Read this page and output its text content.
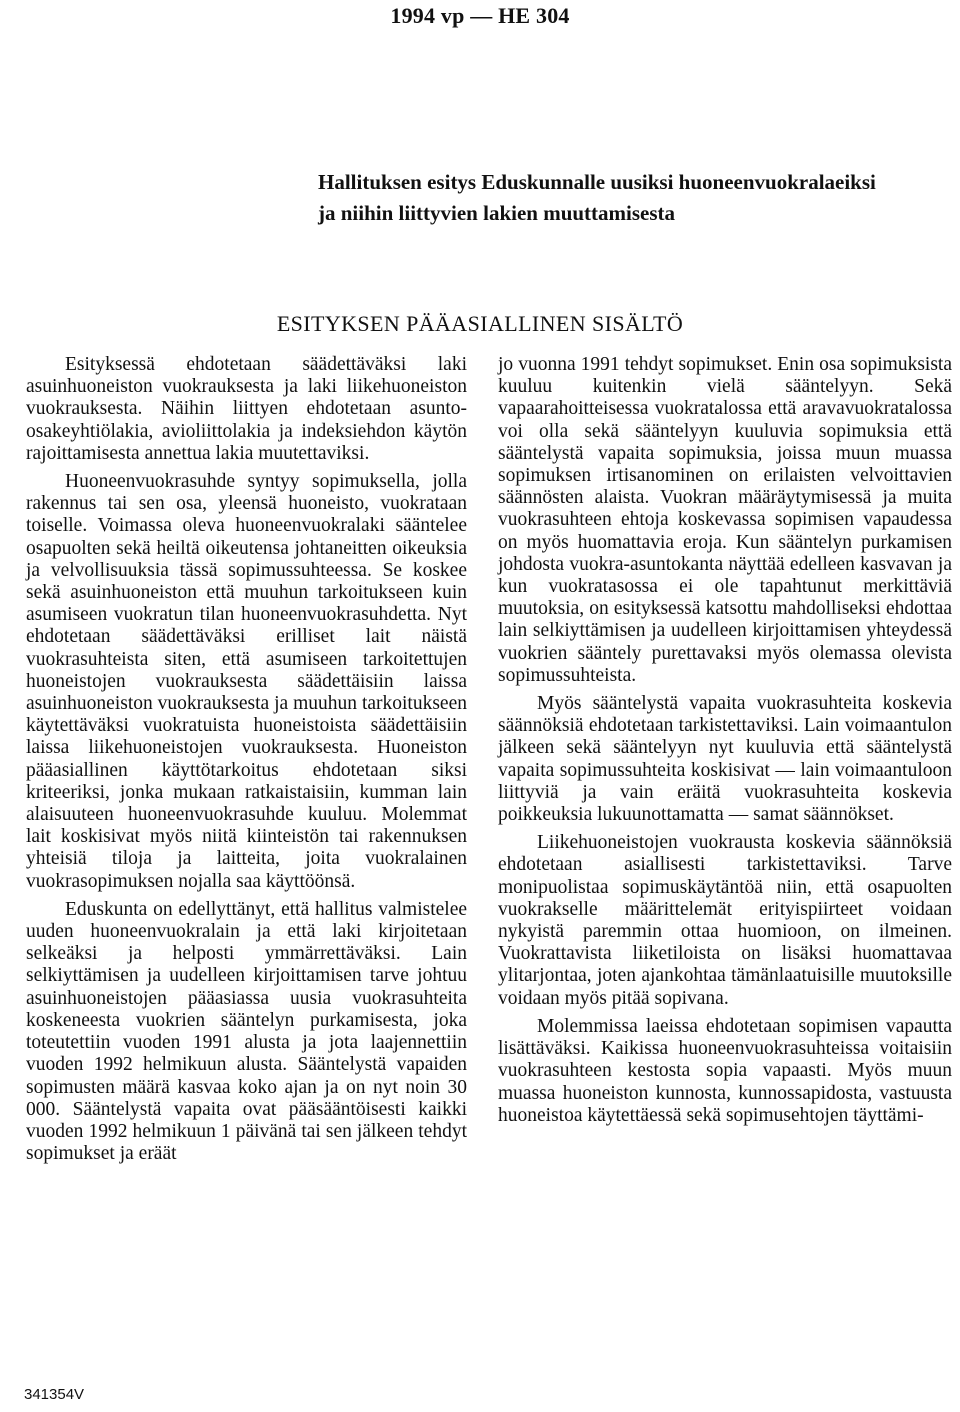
1994 vp — HE 304
Hallituksen esitys Eduskunnalle uusiksi huoneenvuokralaeiksi
ja niihin liittyvien lakien muuttamisesta
ESITYKSEN PÄÄASIALLINEN SISÄLTÖ

Esityksessä ehdotetaan säädettäväksi laki asuinhuoneiston vuokrauksesta ja laki liikehuoneiston vuokrauksesta. Näihin liittyen ehdotetaan asunto-osakeyhtiölakia, avioliittolakia ja indeksiehdon käytön rajoittamisesta annettua lakia muutettaviksi.

Huoneenvuokrasuhde syntyy sopimuksella, jolla rakennus tai sen osa, yleensä huoneisto, vuokrataan toiselle. Voimassa oleva huoneenvuokralaki sääntelee osapuolten sekä heiltä oikeutensa johtaneitten oikeuksia ja velvollisuuksia tässä sopimussuhteessa. Se koskee sekä asuinhuoneiston että muuhun tarkoitukseen kuin asumiseen vuokratun tilan huoneenvuokrasuhdetta. Nyt ehdotetaan säädettäväksi erilliset lait näistä vuokrasuhteista siten, että asumiseen tarkoitettujen huoneistojen vuokrauksesta säädettäisiin laissa asuinhuoneiston vuokrauksesta ja muuhun tarkoitukseen käytettäväksi vuokratuista huoneistoista säädettäisiin laissa liikehuoneistojen vuokrauksesta. Huoneiston pääasiallinen käyttötarkoitus ehdotetaan siksi kriteeriksi, jonka mukaan ratkaistaisiin, kumman lain alaisuuteen huoneenvuokrasuhde kuuluu. Molemmat lait koskisivat myös niitä kiinteistön tai rakennuksen yhteisiä tiloja ja laitteita, joita vuokralainen vuokrasopimuksen nojalla saa käyttöönsä.

Eduskunta on edellyttänyt, että hallitus valmistelee uuden huoneenvuokralain ja että laki kirjoitetaan selkeäksi ja helposti ymmärrettäväksi. Lain selkiyttämisen ja uudelleen kirjoittamisen tarve johtuu asuinhuoneistojen pääasiassa uusia vuokrasuhteita koskeneesta vuokrien sääntelyn purkamisesta, joka toteutettiin vuoden 1991 alusta ja jota laajennettiin vuoden 1992 helmikuun alusta. Sääntelystä vapaiden sopimusten määrä kasvaa koko ajan ja on nyt noin 30 000. Sääntelystä vapaita ovat pääsääntöisesti kaikki vuoden 1992 helmikuun 1 päivänä tai sen jälkeen tehdyt sopimukset ja eräät

jo vuonna 1991 tehdyt sopimukset. Enin osa sopimuksista kuuluu kuitenkin vielä sääntelyyn. Sekä vapaarahoitteisessa vuokratalossa että aravavuokratalossa voi olla sekä sääntelyyn kuuluvia sopimuksia että sääntelystä vapaita sopimuksia, joissa muun muassa sopimuksen irtisanominen on erilaisten velvoittavien säännösten alaista. Vuokran määräytymisessä ja muita vuokrasuhteen ehtoja koskevassa sopimisen vapaudessa on myös huomattavia eroja. Kun sääntelyn purkamisen johdosta vuokra-asuntokanta näyttää edelleen kasvavan ja kun vuokratasossa ei ole tapahtunut merkittäviä muutoksia, on esityksessä katsottu mahdolliseksi ehdottaa lain selkiyttämisen ja uudelleen kirjoittamisen yhteydessä vuokrien sääntely purettavaksi myös olemassa olevista sopimussuhteista.

Myös sääntelystä vapaita vuokrasuhteita koskevia säännöksiä ehdotetaan tarkistettaviksi. Lain voimaantulon jälkeen sekä sääntelyyn nyt kuuluvia että sääntelystä vapaita sopimussuhteita koskisivat — lain voimaantuloon liittyviä ja vain eräitä vuokrasuhteita koskevia poikkeuksia lukuunottamatta — samat säännökset.

Liikehuoneistojen vuokrausta koskevia säännöksiä ehdotetaan asiallisesti tarkistettaviksi. Tarve monipuolistaa sopimuskäytäntöä niin, että osapuolten vuokrakselle määrittelemät erityispiirteet voidaan nykyistä paremmin ottaa huomioon, on ilmeinen. Vuokrattavista liiketiloista on lisäksi huomattavaa ylitarjontaa, joten ajankohtaa tämänlaatuisille muutoksille voidaan myös pitää sopivana.

Molemmissa laeissa ehdotetaan sopimisen vapautta lisättäväksi. Kaikissa huoneenvuokrasuhteissa voitaisiin vuokrasuhteen kestosta sopia vapaasti. Myös muun muassa huoneiston kunnosta, kunnossapidosta, vastuusta huoneistoa käytettäessä sekä sopimusehtojen täyttämi-

341354V
